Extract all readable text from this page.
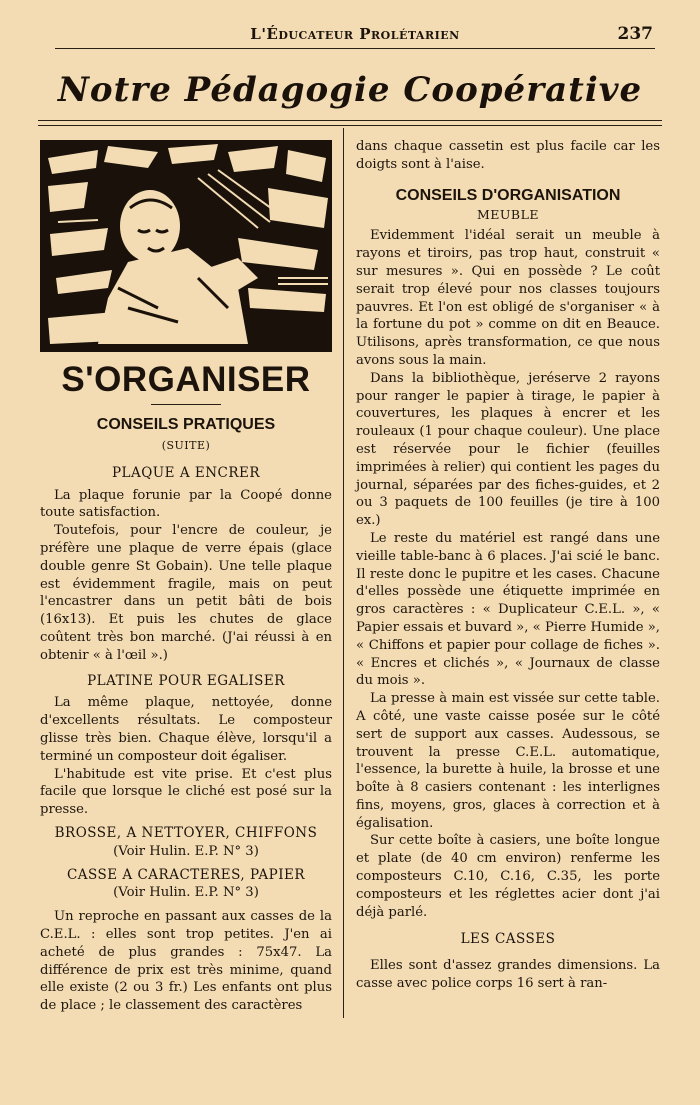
L'Éducateur Prolétarien	237
Notre Pédagogie Coopérative
S'ORGANISER
CONSEILS PRATIQUES
(SUITE)
PLAQUE A ENCRER

La plaque forunie par la Coopé donne toute satisfaction.

Toutefois, pour l'encre de couleur, je préfère une plaque de verre épais (glace double genre St Gobain). Une telle plaque est évidemment fragile, mais on peut l'encastrer dans un petit bâti de bois (16x13). Et puis les chutes de glace coûtent très bon marché. (J'ai réussi à en obtenir « à l'œil ».)

PLATINE POUR EGALISER

La même plaque, nettoyée, donne d'excellents résultats. Le composteur glisse très bien. Chaque élève, lorsqu'il a terminé un composteur doit égaliser.

L'habitude est vite prise. Et c'est plus facile que lorsque le cliché est posé sur la presse.

BROSSE, A NETTOYER, CHIFFONS
(Voir Hulin. E.P. N° 3)
CASSE A CARACTERES, PAPIER
(Voir Hulin. E.P. N° 3)

Un reproche en passant aux casses de la C.E.L. : elles sont trop petites. J'en ai acheté de plus grandes : 75x47. La différence de prix est très minime, quand elle existe (2 ou 3 fr.) Les enfants ont plus de place ; le classement des caractères

dans chaque cassetin est plus facile car les doigts sont à l'aise.

CONSEILS D'ORGANISATION
MEUBLE

Evidemment l'idéal serait un meuble à rayons et tiroirs, pas trop haut, construit « sur mesures ». Qui en possède ? Le coût serait trop élevé pour nos classes toujours pauvres. Et l'on est obligé de s'organiser « à la fortune du pot » comme on dit en Beauce. Utilisons, après transformation, ce que nous avons sous la main.

Dans la bibliothèque, jeréserve 2 rayons pour ranger le papier à tirage, le papier à couvertures, les plaques à encrer et les rouleaux (1 pour chaque couleur). Une place est réservée pour le fichier (feuilles imprimées à relier) qui contient les pages du journal, séparées par des fiches-guides, et 2 ou 3 paquets de 100 feuilles (je tire à 100 ex.)

Le reste du matériel est rangé dans une vieille table-banc à 6 places. J'ai scié le banc. Il reste donc le pupitre et les cases. Chacune d'elles possède une étiquette imprimée en gros caractères : « Duplicateur C.E.L. », « Papier essais et buvard », « Pierre Humide », « Chiffons et papier pour collage de fiches ». « Encres et clichés », « Journaux de classe du mois ».

La presse à main est vissée sur cette table. A côté, une vaste caisse posée sur le côté sert de support aux casses. Audessous, se trouvent la presse C.E.L. automatique, l'essence, la burette à huile, la brosse et une boîte à 8 casiers contenant : les interlignes fins, moyens, gros, glaces à correction et à égalisation.

Sur cette boîte à casiers, une boîte longue et plate (de 40 cm environ) renferme les composteurs C.10, C.16, C.35, les porte composteurs et les réglettes acier dont j'ai déjà parlé.

LES CASSES

Elles sont d'assez grandes dimensions. La casse avec police corps 16 sert à ran-
